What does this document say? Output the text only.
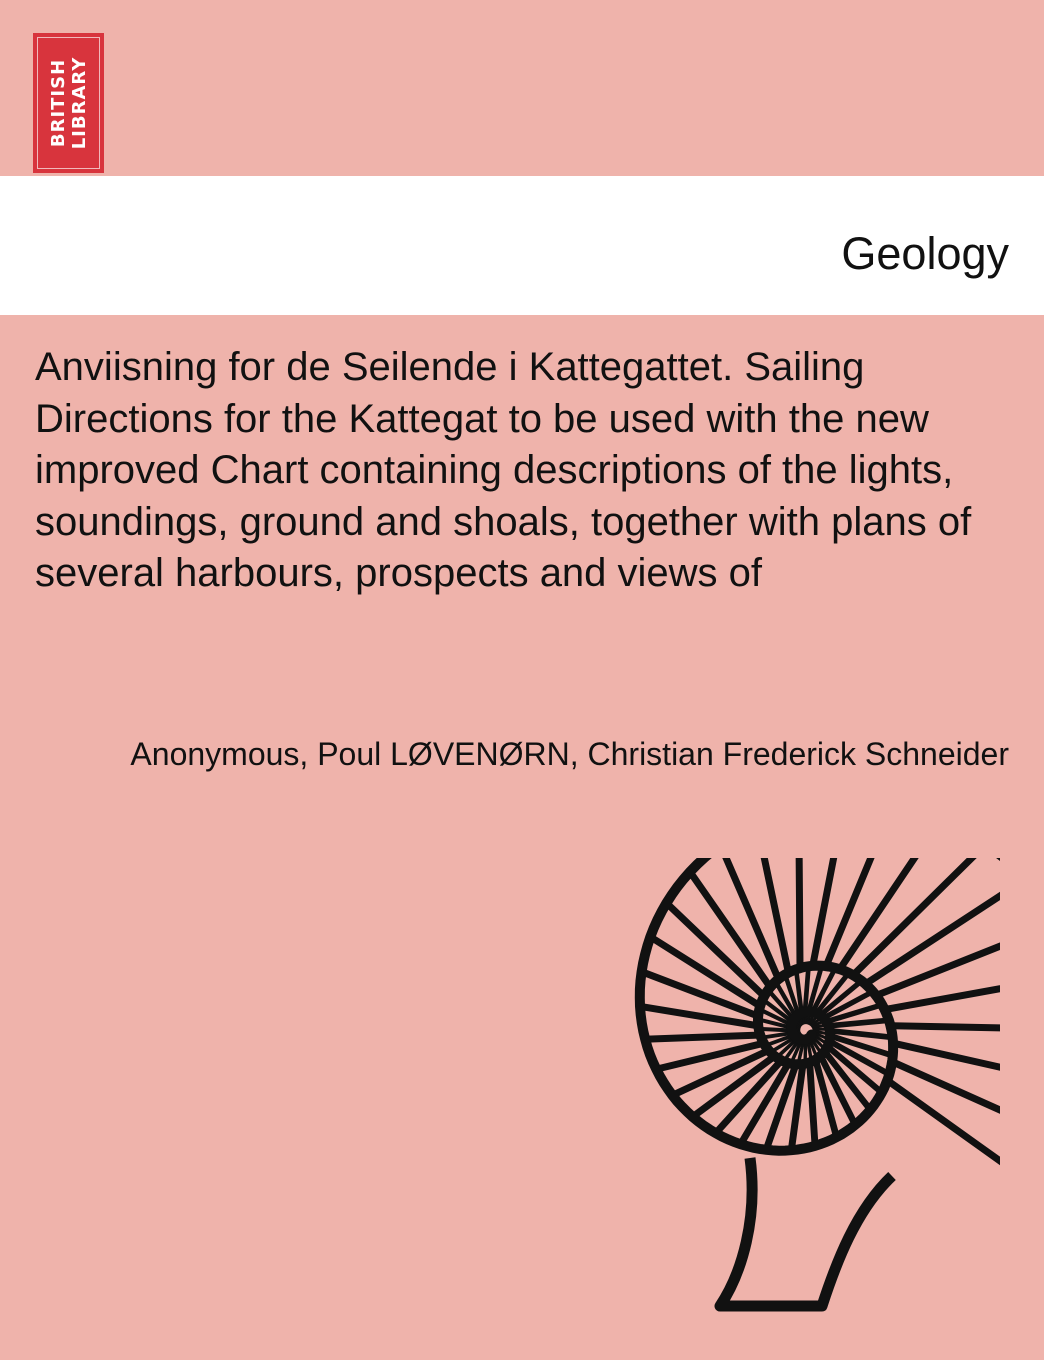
BRITISH LIBRARY
Geology
Anviisning for de Seilende i Kattegattet. Sailing Directions for the Kattegat to be used with the new improved Chart containing descriptions of the lights, soundings, ground and shoals, together with plans of several harbours, prospects and views of
Anonymous, Poul LØVENØRN, Christian Frederick Schneider
